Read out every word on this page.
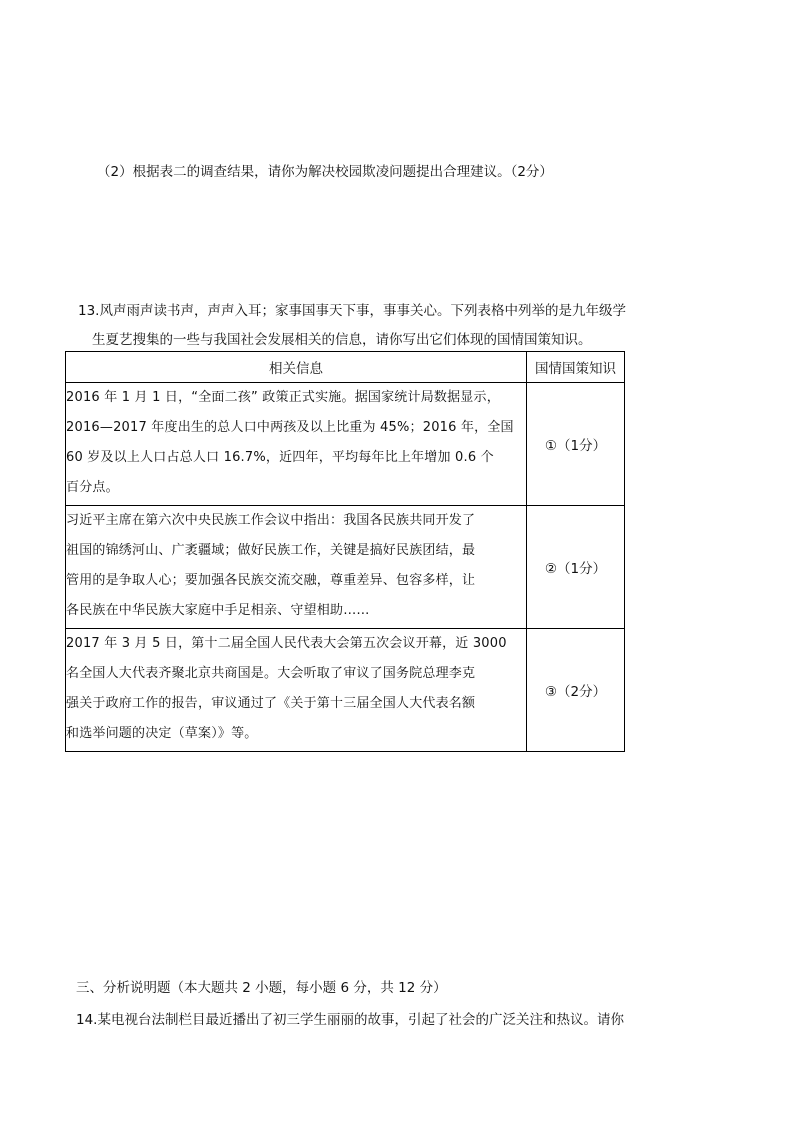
（2）根据表二的调查结果，请你为解决校园欺凌问题提出合理建议。（2分）
13.风声雨声读书声，声声入耳；家事国事天下事，事事关心。下列表格中列举的是九年级学
生夏艺搜集的一些与我国社会发展相关的信息，请你写出它们体现的国情国策知识。
相关信息	国情国策知识

2016 年 1 月 1 日，“全面二孩” 政策正式实施。据国家统计局数据显示，
2016—2017 年度出生的总人口中两孩及以上比重为 45%；2016 年，全国
60 岁及以上人口占总人口 16.7%，近四年，平均每年比上年增加 0.6 个
百分点。	①（1分）

习近平主席在第六次中央民族工作会议中指出：我国各民族共同开发了
祖国的锦绣河山、广袤疆域；做好民族工作，关键是搞好民族团结，最
管用的是争取人心；要加强各民族交流交融，尊重差异、包容多样，让
各民族在中华民族大家庭中手足相亲、守望相助……	②（1分）

2017 年 3 月 5 日，第十二届全国人民代表大会第五次会议开幕，近 3000
名全国人大代表齐聚北京共商国是。大会听取了审议了国务院总理李克
强关于政府工作的报告，审议通过了《关于第十三届全国人大代表名额
和选举问题的决定（草案）》等。	③（2分）
三、分析说明题（本大题共 2 小题，每小题 6 分，共 12 分）
14.某电视台法制栏目最近播出了初三学生丽丽的故事，引起了社会的广泛关注和热议。请你
